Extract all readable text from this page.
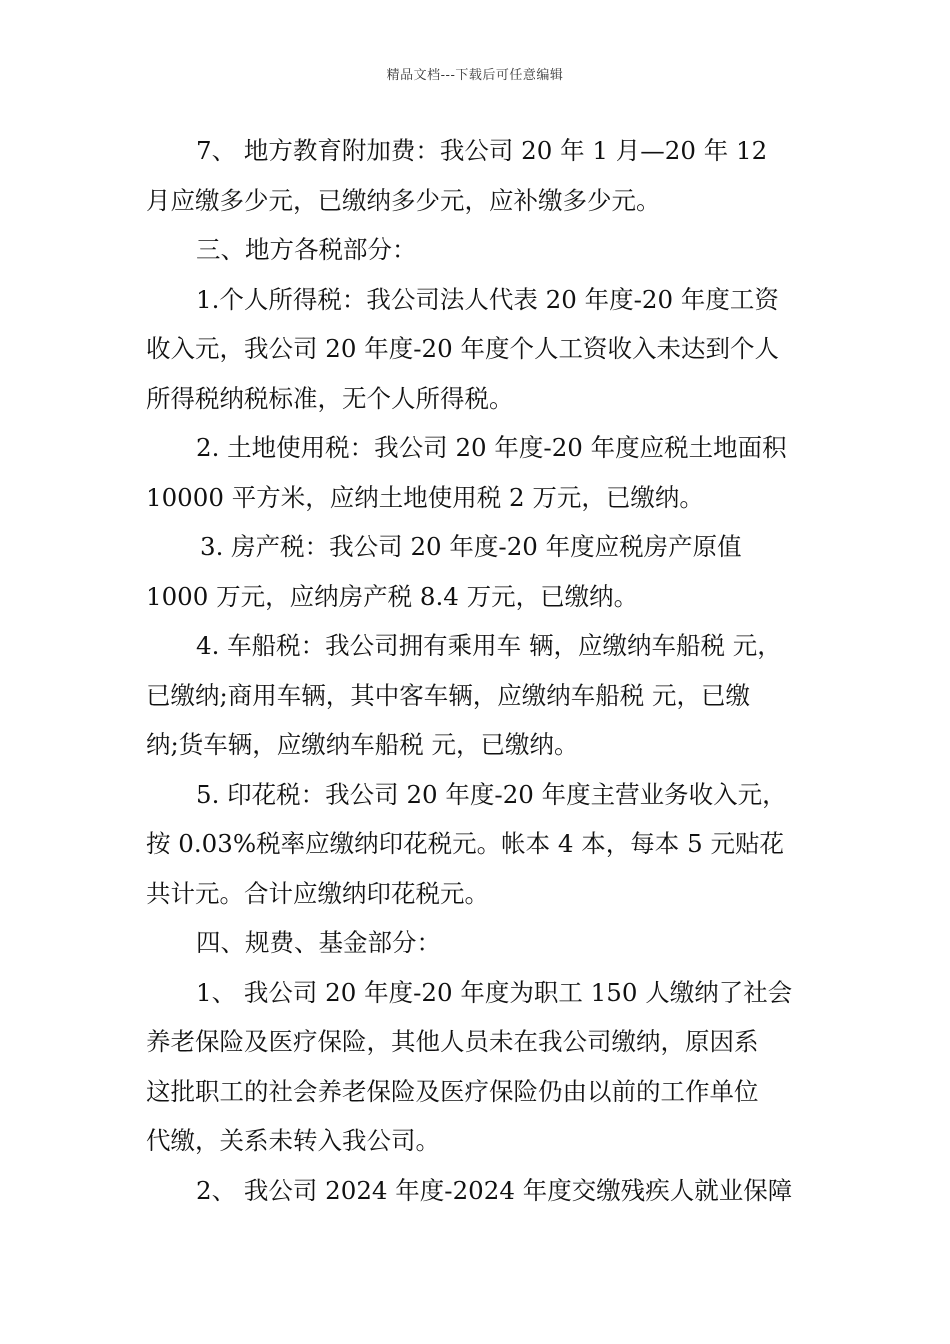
精品文档---下载后可任意编辑
7、 地方教育附加费：我公司 20 年 1 月—20 年 12
月应缴多少元，已缴纳多少元，应补缴多少元。
三、地方各税部分：
1.个人所得税：我公司法人代表 20 年度-20 年度工资
收入元，我公司 20 年度-20 年度个人工资收入未达到个人
所得税纳税标准，无个人所得税。
2. 土地使用税：我公司 20 年度-20 年度应税土地面积
10000 平方米，应纳土地使用税 2 万元，已缴纳。
3. 房产税：我公司 20 年度-20 年度应税房产原值
1000 万元，应纳房产税 8.4 万元，已缴纳。
4. 车船税：我公司拥有乘用车 辆，应缴纳车船税 元，
已缴纳;商用车辆，其中客车辆，应缴纳车船税 元，已缴
纳;货车辆，应缴纳车船税 元，已缴纳。
5. 印花税：我公司 20 年度-20 年度主营业务收入元，
按 0.03%税率应缴纳印花税元。帐本 4 本，每本 5 元贴花
共计元。合计应缴纳印花税元。
四、规费、基金部分：
1、 我公司 20 年度-20 年度为职工 150 人缴纳了社会
养老保险及医疗保险，其他人员未在我公司缴纳，原因系
这批职工的社会养老保险及医疗保险仍由以前的工作单位
代缴，关系未转入我公司。
2、 我公司 2024 年度-2024 年度交缴残疾人就业保障
